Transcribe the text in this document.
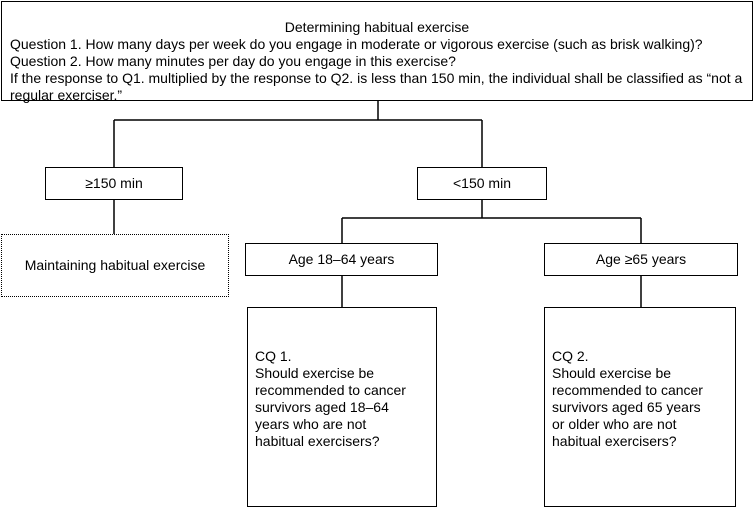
Determining habitual exercise
Question 1. How many days per week do you engage in moderate or vigorous exercise (such as brisk walking)?
Question 2. How many minutes per day do you engage in this exercise?
If the response to Q1. multiplied by the response to Q2. is less than 150 min, the individual shall be classified as “not a regular exerciser.”
≥150 min	<150 min
Maintaining habitual exercise	Age 18–64 years	Age ≥65 years
CQ 1.
Should exercise be
recommended to cancer
survivors aged 18–64
years who are not
habitual exercisers?
CQ 2.
Should exercise be
recommended to cancer
survivors aged 65 years
or older who are not
habitual exercisers?
